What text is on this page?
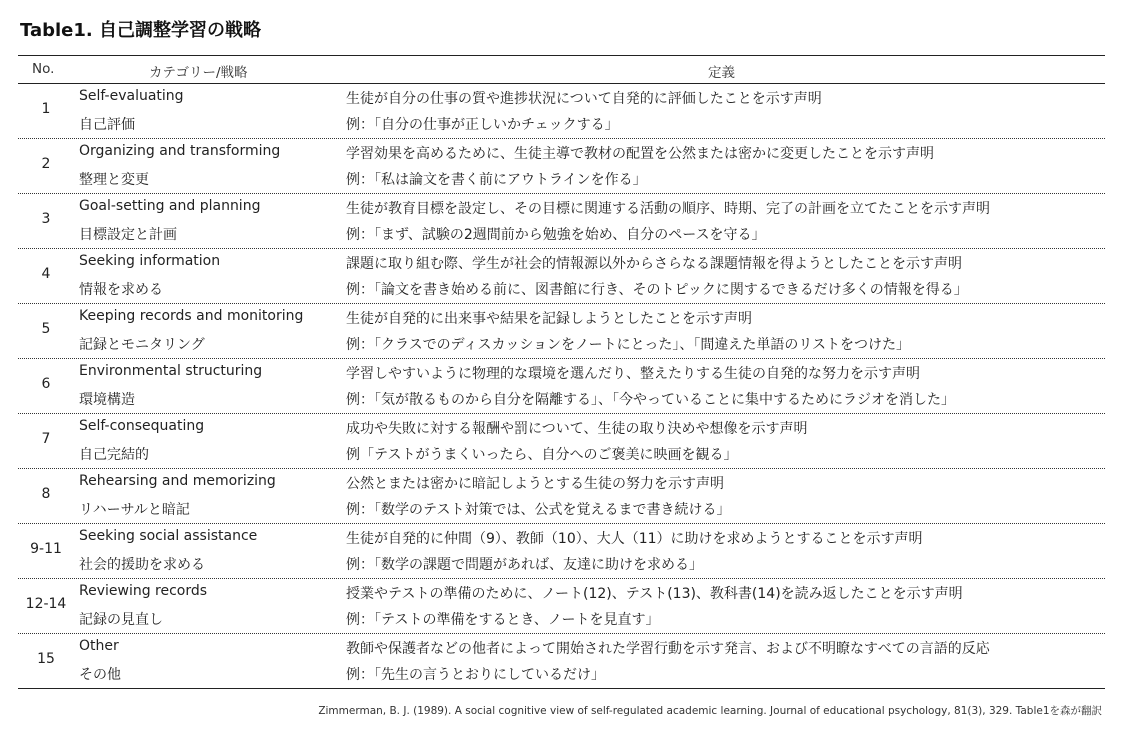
Table1. 自己調整学習の戦略
No.	カテゴリー/戦略	定義
1
Self-evaluating
自己評価
生徒が自分の仕事の質や進捗状況について自発的に評価したことを示す声明
例：「自分の仕事が正しいかチェックする」
2
Organizing and transforming
整理と変更
学習効果を高めるために、生徒主導で教材の配置を公然または密かに変更したことを示す声明
例：「私は論文を書く前にアウトラインを作る」
3
Goal-setting and planning
目標設定と計画
生徒が教育目標を設定し、その目標に関連する活動の順序、時期、完了の計画を立てたことを示す声明
例：「まず、試験の2週間前から勉強を始め、自分のペースを守る」
4
Seeking information
情報を求める
課題に取り組む際、学生が社会的情報源以外からさらなる課題情報を得ようとしたことを示す声明
例：「論文を書き始める前に、図書館に行き、そのトピックに関するできるだけ多くの情報を得る」
5
Keeping records and monitoring
記録とモニタリング
生徒が自発的に出来事や結果を記録しようとしたことを示す声明
例：「クラスでのディスカッションをノートにとった」、「間違えた単語のリストをつけた」
6
Environmental structuring
環境構造
学習しやすいように物理的な環境を選んだり、整えたりする生徒の自発的な努力を示す声明
例：「気が散るものから自分を隔離する」、「今やっていることに集中するためにラジオを消した」
7
Self-consequating
自己完結的
成功や失敗に対する報酬や罰について、生徒の取り決めや想像を示す声明
例「テストがうまくいったら、自分へのご褒美に映画を観る」
8
Rehearsing and memorizing
リハーサルと暗記
公然とまたは密かに暗記しようとする生徒の努力を示す声明
例：「数学のテスト対策では、公式を覚えるまで書き続ける」
9-11
Seeking social assistance
社会的援助を求める
生徒が自発的に仲間（9）、教師（10）、大人（11）に助けを求めようとすることを示す声明
例：「数学の課題で問題があれば、友達に助けを求める」
12-14
Reviewing records
記録の見直し
授業やテストの準備のために、ノート(12)、テスト(13)、教科書(14)を読み返したことを示す声明
例：「テストの準備をするとき、ノートを見直す」
15
Other
その他
教師や保護者などの他者によって開始された学習行動を示す発言、および不明瞭なすべての言語的反応
例：「先生の言うとおりにしているだけ」
Zimmerman, B. J. (1989). A social cognitive view of self-regulated academic learning. Journal of educational psychology, 81(3), 329. Table1を森が翻訳
